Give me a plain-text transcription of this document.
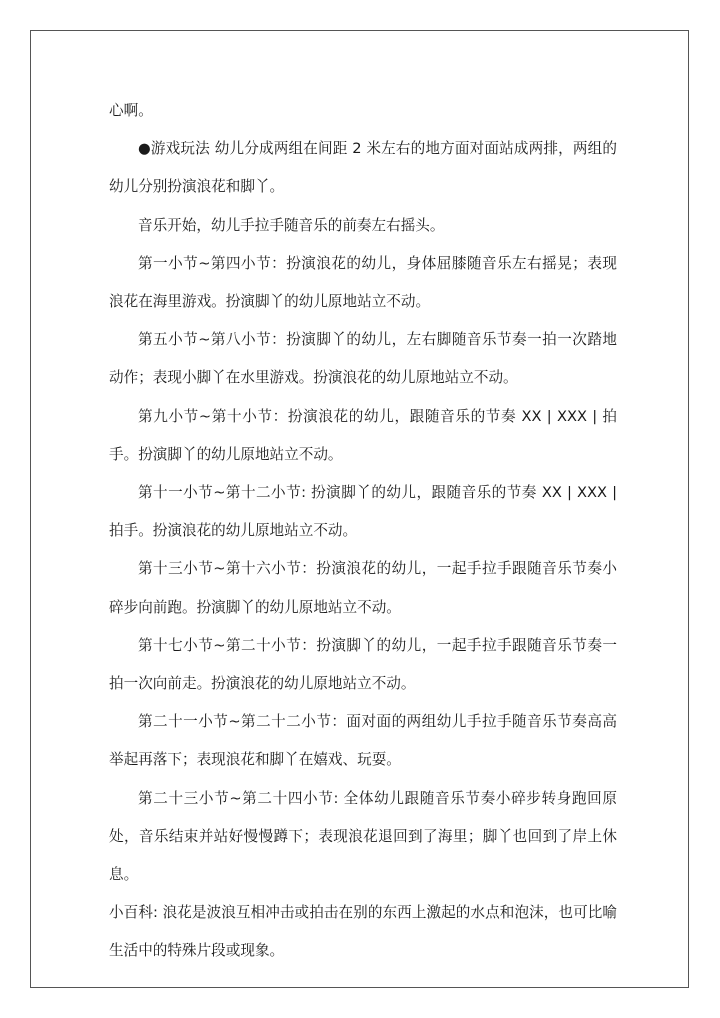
心啊。

●游戏玩法 幼儿分成两组在间距 2 米左右的地方面对面站成两排，两组的幼儿分别扮演浪花和脚丫。

音乐开始，幼儿手拉手随音乐的前奏左右摇头。

第一小节~第四小节：扮演浪花的幼儿，身体屈膝随音乐左右摇晃；表现浪花在海里游戏。扮演脚丫的幼儿原地站立不动。

第五小节~第八小节：扮演脚丫的幼儿，左右脚随音乐节奏一拍一次踏地动作；表现小脚丫在水里游戏。扮演浪花的幼儿原地站立不动。

第九小节~第十小节：扮演浪花的幼儿，跟随音乐的节奏 XX | XXX | 拍手。扮演脚丫的幼儿原地站立不动。

第十一小节~第十二小节: 扮演脚丫的幼儿，跟随音乐的节奏 XX | XXX | 拍手。扮演浪花的幼儿原地站立不动。

第十三小节~第十六小节：扮演浪花的幼儿，一起手拉手跟随音乐节奏小碎步向前跑。扮演脚丫的幼儿原地站立不动。

第十七小节~第二十小节：扮演脚丫的幼儿，一起手拉手跟随音乐节奏一拍一次向前走。扮演浪花的幼儿原地站立不动。

第二十一小节~第二十二小节：面对面的两组幼儿手拉手随音乐节奏高高举起再落下；表现浪花和脚丫在嬉戏、玩耍。

第二十三小节~第二十四小节: 全体幼儿跟随音乐节奏小碎步转身跑回原处，音乐结束并站好慢慢蹲下；表现浪花退回到了海里；脚丫也回到了岸上休息。

小百科: 浪花是波浪互相冲击或拍击在别的东西上激起的水点和泡沫，也可比喻生活中的特殊片段或现象。
